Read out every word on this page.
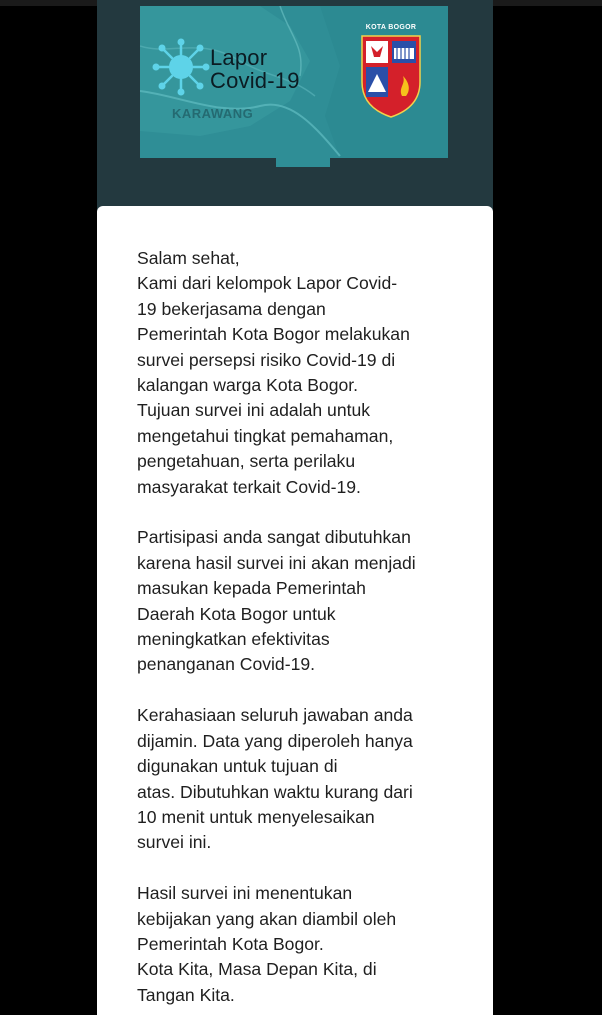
Lapor
Covid-19
KARAWANG
KOTA BOGOR

Salam sehat,
Kami dari kelompok Lapor Covid-
19 bekerjasama dengan
Pemerintah Kota Bogor melakukan
survei persepsi risiko Covid-19 di
kalangan warga Kota Bogor.
Tujuan survei ini adalah untuk
mengetahui tingkat pemahaman,
pengetahuan, serta perilaku
masyarakat terkait Covid-19.

Partisipasi anda sangat dibutuhkan
karena hasil survei ini akan menjadi
masukan kepada Pemerintah
Daerah Kota Bogor untuk
meningkatkan efektivitas
penanganan Covid-19.

Kerahasiaan seluruh jawaban anda
dijamin. Data yang diperoleh hanya
digunakan untuk tujuan di
atas. Dibutuhkan waktu kurang dari
10 menit untuk menyelesaikan
survei ini.

Hasil survei ini menentukan
kebijakan yang akan diambil oleh
Pemerintah Kota Bogor.
Kota Kita, Masa Depan Kita, di
Tangan Kita.
